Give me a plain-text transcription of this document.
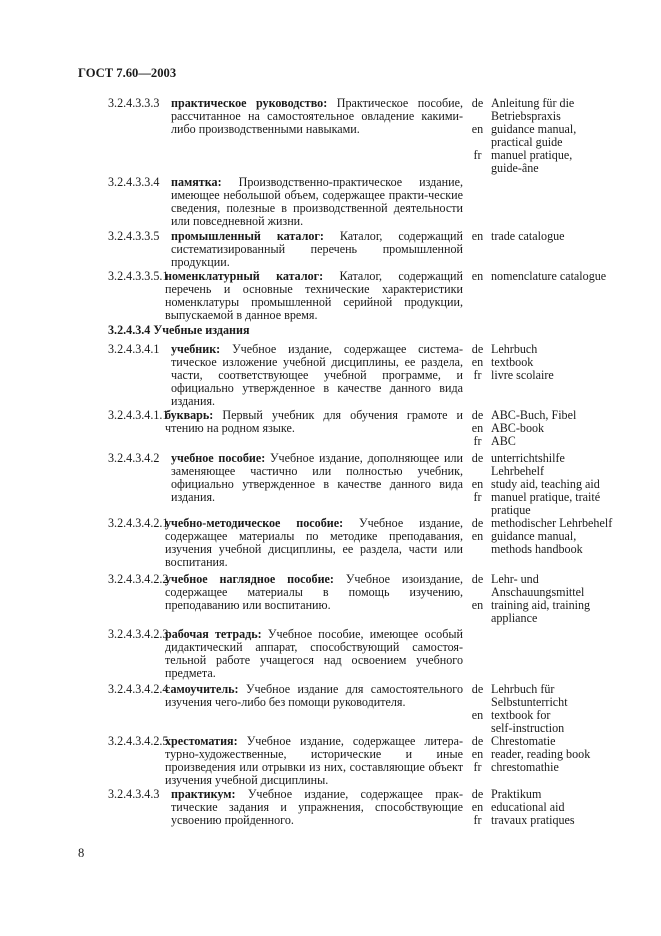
ГОСТ 7.60—2003
3.2.4.3.4 Учебные издания
3.2.4.3.3.3 практическое руководство: Практическое пособие, рассчитанное на самостоятельное овладение какими-либо производственными навыками.
de Anleitung für die
Betriebspraxis
en guidance manual,
practical guide
fr manuel pratique,
guide-âne
3.2.4.3.3.4 памятка: Производственно-практическое издание, имеющее небольшой объем, содержащее практи-ческие сведения, полезные в производственной деятельности или повседневной жизни.
3.2.4.3.3.5 промышленный каталог: Каталог, содержащий систематизированный перечень промышленной продукции.
en trade catalogue
3.2.4.3.3.5.1
номенклатурный каталог: Каталог, содержащий перечень и основные технические характеристики номенклатуры промышленной серийной продукции, выпускаемой в данное время.
en nomenclature catalogue
3.2.4.3.4.1 учебник: Учебное издание, содержащее система-тическое изложение учебной дисциплины, ее раздела, части, соответствующее учебной программе, и официально утвержденное в качестве данного вида издания.
de Lehrbuch
en textbook
fr livre scolaire
3.2.4.3.4.1.1
букварь: Первый учебник для обучения грамоте и чтению на родном языке.
de ABC-Buch, Fibel
en ABC-book
fr ABC
3.2.4.3.4.2 учебное пособие: Учебное издание, дополняющее или заменяющее частично или полностью учебник, официально утвержденное в качестве данного вида издания.
de unterrichtshilfe
Lehrbehelf
en study aid, teaching aid
fr manuel pratique, traité
pratique
3.2.4.3.4.2.1
учебно-методическое пособие: Учебное издание, содержащее материалы по методике преподавания, изучения учебной дисциплины, ее раздела, части или воспитания.
de methodischer Lehrbehelf
en guidance manual,
methods handbook
3.2.4.3.4.2.2
учебное наглядное пособие: Учебное изоиздание, содержащее материалы в помощь изучению, преподаванию или воспитанию.
de Lehr- und
Anschauungsmittel
en training aid, training
appliance
3.2.4.3.4.2.3
рабочая тетрадь: Учебное пособие, имеющее особый дидактический аппарат, способствующий самостоя-тельной работе учащегося над освоением учебного предмета.
3.2.4.3.4.2.4
самоучитель: Учебное издание для самостоятельного изучения чего-либо без помощи руководителя.
de Lehrbuch für
Selbstunterricht
en textbook for
self-instruction
3.2.4.3.4.2.5
хрестоматия: Учебное издание, содержащее литера-турно-художественные, исторические и иные произведения или отрывки из них, составляющие объект изучения учебной дисциплины.
de Chrestomatie
en reader, reading book
fr chrestomathie
3.2.4.3.4.3 практикум: Учебное издание, содержащее прак-тические задания и упражнения, способствующие усвоению пройденного.
de Praktikum
en educational aid
fr travaux pratiques
8
